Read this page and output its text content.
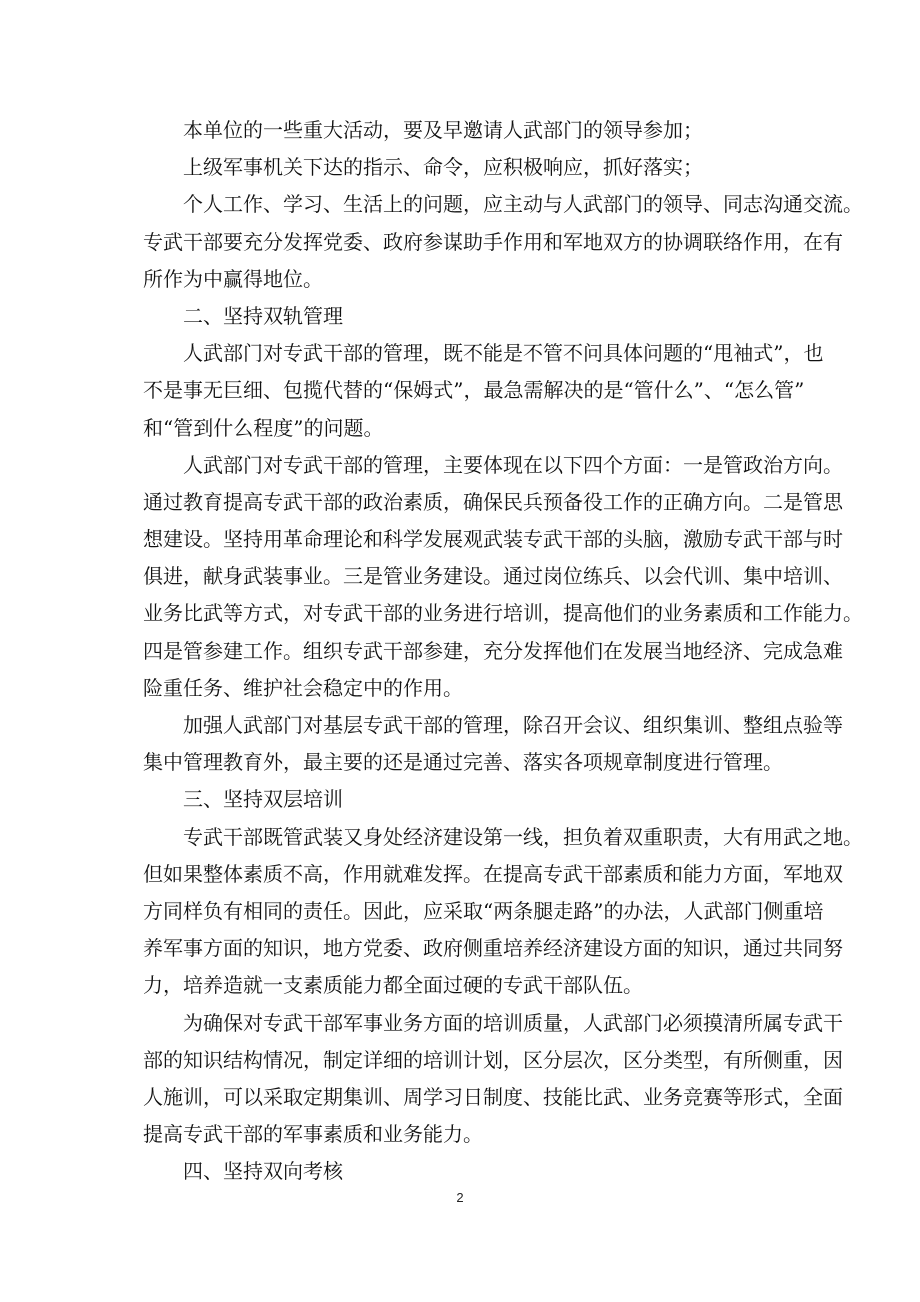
本单位的一些重大活动，要及早邀请人武部门的领导参加；
上级军事机关下达的指示、命令，应积极响应，抓好落实；
个人工作、学习、生活上的问题，应主动与人武部门的领导、同志沟通交流。
专武干部要充分发挥党委、政府参谋助手作用和军地双方的协调联络作用，在有
所作为中赢得地位。
二、坚持双轨管理
人武部门对专武干部的管理，既不能是不管不问具体问题的“甩袖式”，也
不是事无巨细、包揽代替的“保姆式”，最急需解决的是“管什么”、“怎么管”
和“管到什么程度”的问题。
人武部门对专武干部的管理，主要体现在以下四个方面：一是管政治方向。
通过教育提高专武干部的政治素质，确保民兵预备役工作的正确方向。二是管思
想建设。坚持用革命理论和科学发展观武装专武干部的头脑，激励专武干部与时
俱进，献身武装事业。三是管业务建设。通过岗位练兵、以会代训、集中培训、
业务比武等方式，对专武干部的业务进行培训，提高他们的业务素质和工作能力。
四是管参建工作。组织专武干部参建，充分发挥他们在发展当地经济、完成急难
险重任务、维护社会稳定中的作用。
加强人武部门对基层专武干部的管理，除召开会议、组织集训、整组点验等
集中管理教育外，最主要的还是通过完善、落实各项规章制度进行管理。
三、坚持双层培训
专武干部既管武装又身处经济建设第一线，担负着双重职责，大有用武之地。
但如果整体素质不高，作用就难发挥。在提高专武干部素质和能力方面，军地双
方同样负有相同的责任。因此，应采取“两条腿走路”的办法，人武部门侧重培
养军事方面的知识，地方党委、政府侧重培养经济建设方面的知识，通过共同努
力，培养造就一支素质能力都全面过硬的专武干部队伍。
为确保对专武干部军事业务方面的培训质量，人武部门必须摸清所属专武干
部的知识结构情况，制定详细的培训计划，区分层次，区分类型，有所侧重，因
人施训，可以采取定期集训、周学习日制度、技能比武、业务竞赛等形式，全面
提高专武干部的军事素质和业务能力。
四、坚持双向考核
2
